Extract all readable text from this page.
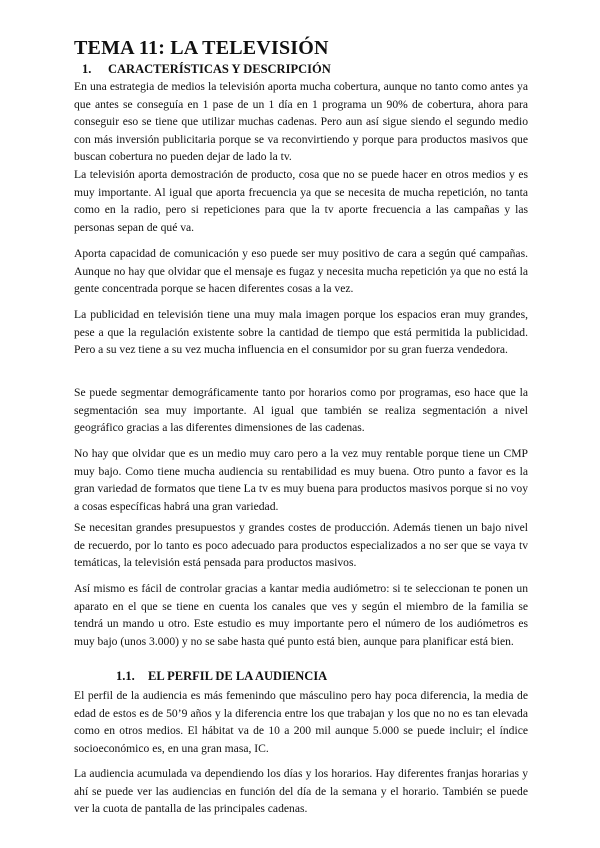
TEMA 11: LA TELEVISIÓN
1. CARACTERÍSTICAS Y DESCRIPCIÓN

En una estrategia de medios la televisión aporta mucha cobertura, aunque no tanto como antes ya que antes se conseguía en 1 pase de un 1 día en 1 programa un 90% de cobertura, ahora para conseguir eso se tiene que utilizar muchas cadenas. Pero aun así sigue siendo el segundo medio con más inversión publicitaria porque se va reconvirtiendo y porque para productos masivos que buscan cobertura no pueden dejar de lado la tv.

La televisión aporta demostración de producto, cosa que no se puede hacer en otros medios y es muy importante. Al igual que aporta frecuencia ya que se necesita de mucha repetición, no tanta como en la radio, pero si repeticiones para que la tv aporte frecuencia a las campañas y las personas sepan de qué va.

Aporta capacidad de comunicación y eso puede ser muy positivo de cara a según qué campañas. Aunque no hay que olvidar que el mensaje es fugaz y necesita mucha repetición ya que no está la gente concentrada porque se hacen diferentes cosas a la vez.

La publicidad en televisión tiene una muy mala imagen porque los espacios eran muy grandes, pese a que la regulación existente sobre la cantidad de tiempo que está permitida la publicidad. Pero a su vez tiene a su vez mucha influencia en el consumidor por su gran fuerza vendedora.

Se puede segmentar demográficamente tanto por horarios como por programas, eso hace que la segmentación sea muy importante. Al igual que también se realiza segmentación a nivel geográfico gracias a las diferentes dimensiones de las cadenas.

No hay que olvidar que es un medio muy caro pero a la vez muy rentable porque tiene un CMP muy bajo. Como tiene mucha audiencia su rentabilidad es muy buena. Otro punto a favor es la gran variedad de formatos que tiene La tv es muy buena para productos masivos porque si no voy a cosas específicas habrá una gran variedad.

Se necesitan grandes presupuestos y grandes costes de producción. Además tienen un bajo nivel de recuerdo, por lo tanto es poco adecuado para productos especializados a no ser que se vaya tv temáticas, la televisión está pensada para productos masivos.

Así mismo es fácil de controlar gracias a kantar media audiómetro: si te seleccionan te ponen un aparato en el que se tiene en cuenta los canales que ves y según el miembro de la familia se tendrá un mando u otro. Este estudio es muy importante pero el número de los audiómetros es muy bajo (unos 3.000) y no se sabe hasta qué punto está bien, aunque para planificar está bien.

1.1. EL PERFIL DE LA AUDIENCIA

El perfil de la audiencia es más femenindo que másculino pero hay poca diferencia, la media de edad de estos es de 50’9 años y la diferencia entre los que trabajan y los que no no es tan elevada como en otros medios. El hábitat va de 10 a 200 mil aunque 5.000 se puede incluir; el índice socioeconómico es, en una gran masa, IC.

La audiencia acumulada va dependiendo los días y los horarios. Hay diferentes franjas horarias y ahí se puede ver las audiencias en función del día de la semana y el horario. También se puede ver la cuota de pantalla de las principales cadenas.
